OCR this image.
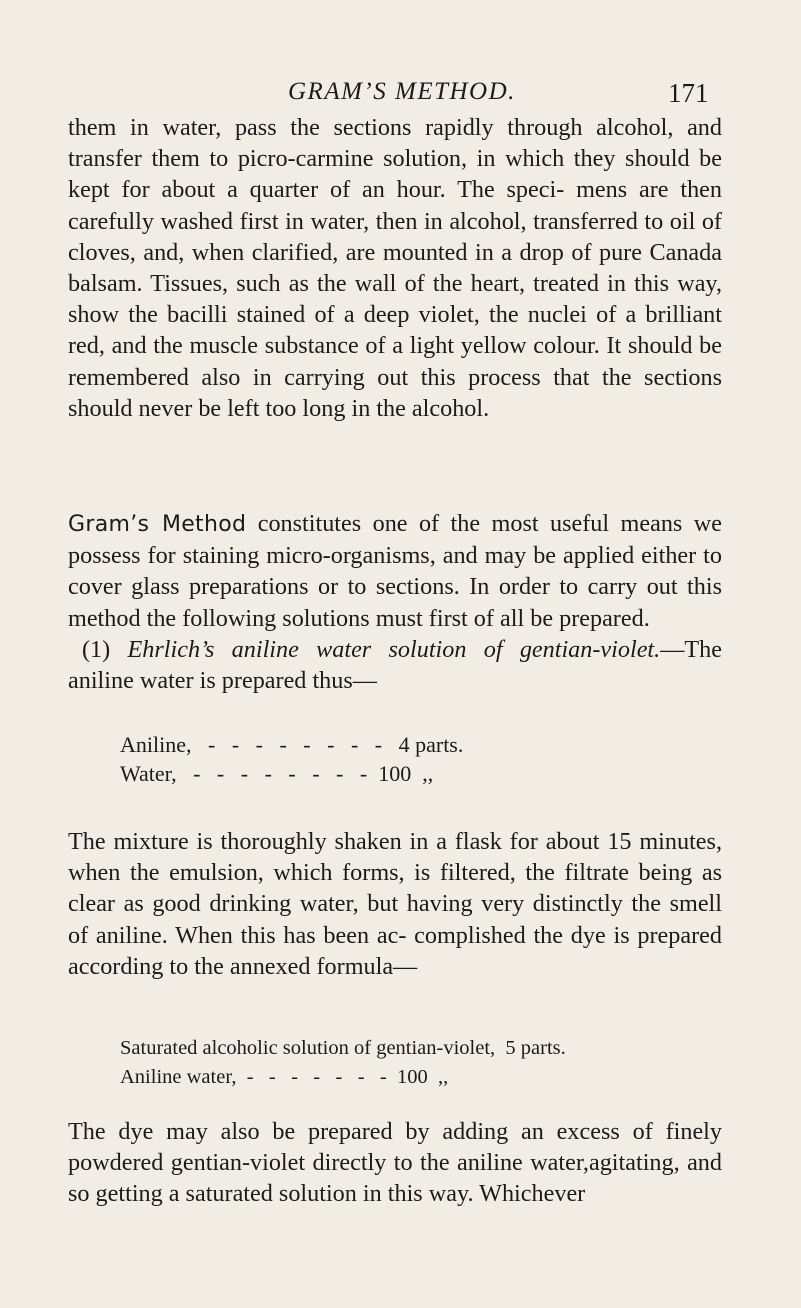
GRAM’S METHOD.	171
them in water, pass the sections rapidly through alcohol, and transfer them to picro-carmine solution, in which they should be kept for about a quarter of an hour. The speci- mens are then carefully washed first in water, then in alcohol, transferred to oil of cloves, and, when clarified, are mounted in a drop of pure Canada balsam. Tissues, such as the wall of the heart, treated in this way, show the bacilli stained of a deep violet, the nuclei of a brilliant red, and the muscle substance of a light yellow colour. It should be remembered also in carrying out this process that the sections should never be left too long in the alcohol.
Gram’s Method constitutes one of the most useful means we possess for staining micro-organisms, and may be applied either to cover glass preparations or to sections. In order to carry out this method the following solutions must first of all be prepared.
(1) Ehrlich’s aniline water solution of gentian-violet.—The aniline water is prepared thus—
Aniline,   -   -   -   -   -   -   -   -   4 parts.
Water,   -   -   -   -   -   -   -   -  100  ,,
The mixture is thoroughly shaken in a flask for about 15 minutes, when the emulsion, which forms, is filtered, the filtrate being as clear as good drinking water, but having very distinctly the smell of aniline. When this has been ac- complished the dye is prepared according to the annexed formula—
Saturated alcoholic solution of gentian-violet,  5 parts.
Aniline water,  -   -   -   -   -   -   -  100  ,,
The dye may also be prepared by adding an excess of finely powdered gentian-violet directly to the aniline water,agitating, and so getting a saturated solution in this way. Whichever
